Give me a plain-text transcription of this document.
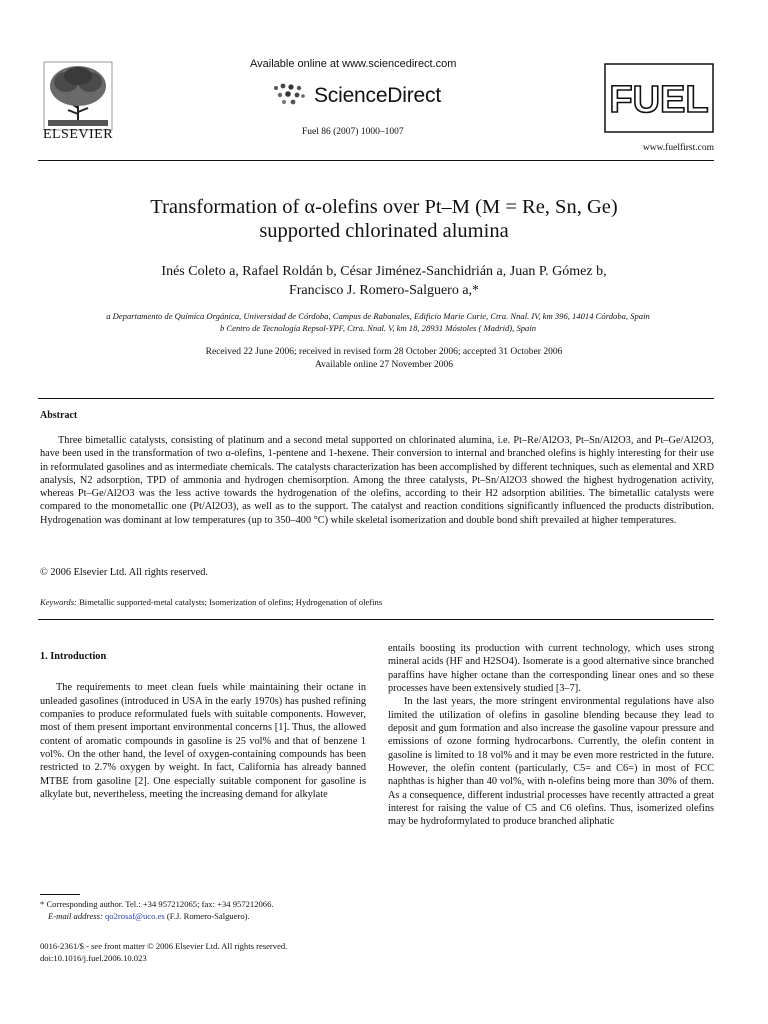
ELSEVIER
Available online at www.sciencedirect.com
ScienceDirect
Fuel 86 (2007) 1000–1007
FUEL
www.fuelfirst.com
Transformation of α-olefins over Pt–M (M = Re, Sn, Ge)
supported chlorinated alumina
Inés Coleto a, Rafael Roldán b, César Jiménez-Sanchidrián a, Juan P. Gómez b,
Francisco J. Romero-Salguero a,*
a Departamento de Química Orgánica, Universidad de Córdoba, Campus de Rabanales, Edificio Marie Curie, Ctra. Nnal. IV, km 396, 14014 Córdoba, Spain
b Centro de Tecnología Repsol-YPF, Ctra. Nnal. V, km 18, 28931 Móstoles ( Madrid), Spain
Received 22 June 2006; received in revised form 28 October 2006; accepted 31 October 2006
Available online 27 November 2006
Abstract
Three bimetallic catalysts, consisting of platinum and a second metal supported on chlorinated alumina, i.e. Pt–Re/Al2O3, Pt–Sn/Al2O3, and Pt–Ge/Al2O3, have been used in the transformation of two α-olefins, 1-pentene and 1-hexene. Their conversion to internal and branched olefins is highly interesting for their use in reformulated gasolines and as intermediate chemicals. The catalysts characterization has been accomplished by different techniques, such as elemental and XRD analysis, N2 adsorption, TPD of ammonia and hydrogen chemisorption. Among the three catalysts, Pt–Sn/Al2O3 showed the highest hydrogenation activity, whereas Pt–Ge/Al2O3 was the less active towards the hydrogenation of the olefins, according to their H2 adsorption abilities. The bimetallic catalysts were compared to the monometallic one (Pt/Al2O3), as well as to the support. The catalyst and reaction conditions significantly influenced the products distribution. Hydrogenation was dominant at low temperatures (up to 350–400 °C) while skeletal isomerization and double bond shift prevailed at higher temperatures.
© 2006 Elsevier Ltd. All rights reserved.
Keywords: Bimetallic supported-metal catalysts; Isomerization of olefins; Hydrogenation of olefins
1. Introduction

The requirements to meet clean fuels while maintaining their octane in unleaded gasolines (introduced in USA in the early 1970s) has pushed refining companies to produce reformulated fuels with suitable components. However, most of them present important environmental concerns [1]. Thus, the allowed content of aromatic compounds in gasoline is 25 vol% and that of benzene 1 vol%. On the other hand, the level of oxygen-containing compounds has been restricted to 2.7% oxygen by weight. In fact, California has already banned MTBE from gasoline [2]. One especially suitable component for gasoline is alkylate but, nevertheless, meeting the increasing demand for alkylate

* Corresponding author. Tel.: +34 957212065; fax: +34 957212066.
E-mail address: qo2rosaf@uco.es (F.J. Romero-Salguero).
0016-2361/$ - see front matter © 2006 Elsevier Ltd. All rights reserved.
doi:10.1016/j.fuel.2006.10.023

entails boosting its production with current technology, which uses strong mineral acids (HF and H2SO4). Isomerate is a good alternative since branched paraffins have higher octane than the corresponding linear ones and so these processes have been extensively studied [3–7].

In the last years, the more stringent environmental regulations have also limited the utilization of olefins in gasoline blending because they lead to deposit and gum formation and also increase the gasoline vapour pressure and emissions of ozone forming hydrocarbons. Currently, the olefin content in gasoline is limited to 18 vol% and it may be even more restricted in the future. However, the olefin content (particularly, C5= and C6=) in most of FCC naphthas is higher than 40 vol%, with n-olefins being more than 30% of them. As a consequence, different industrial processes have recently attracted a great interest for raising the value of C5 and C6 olefins. Thus, isomerized olefins may be hydroformylated to produce branched aliphatic
